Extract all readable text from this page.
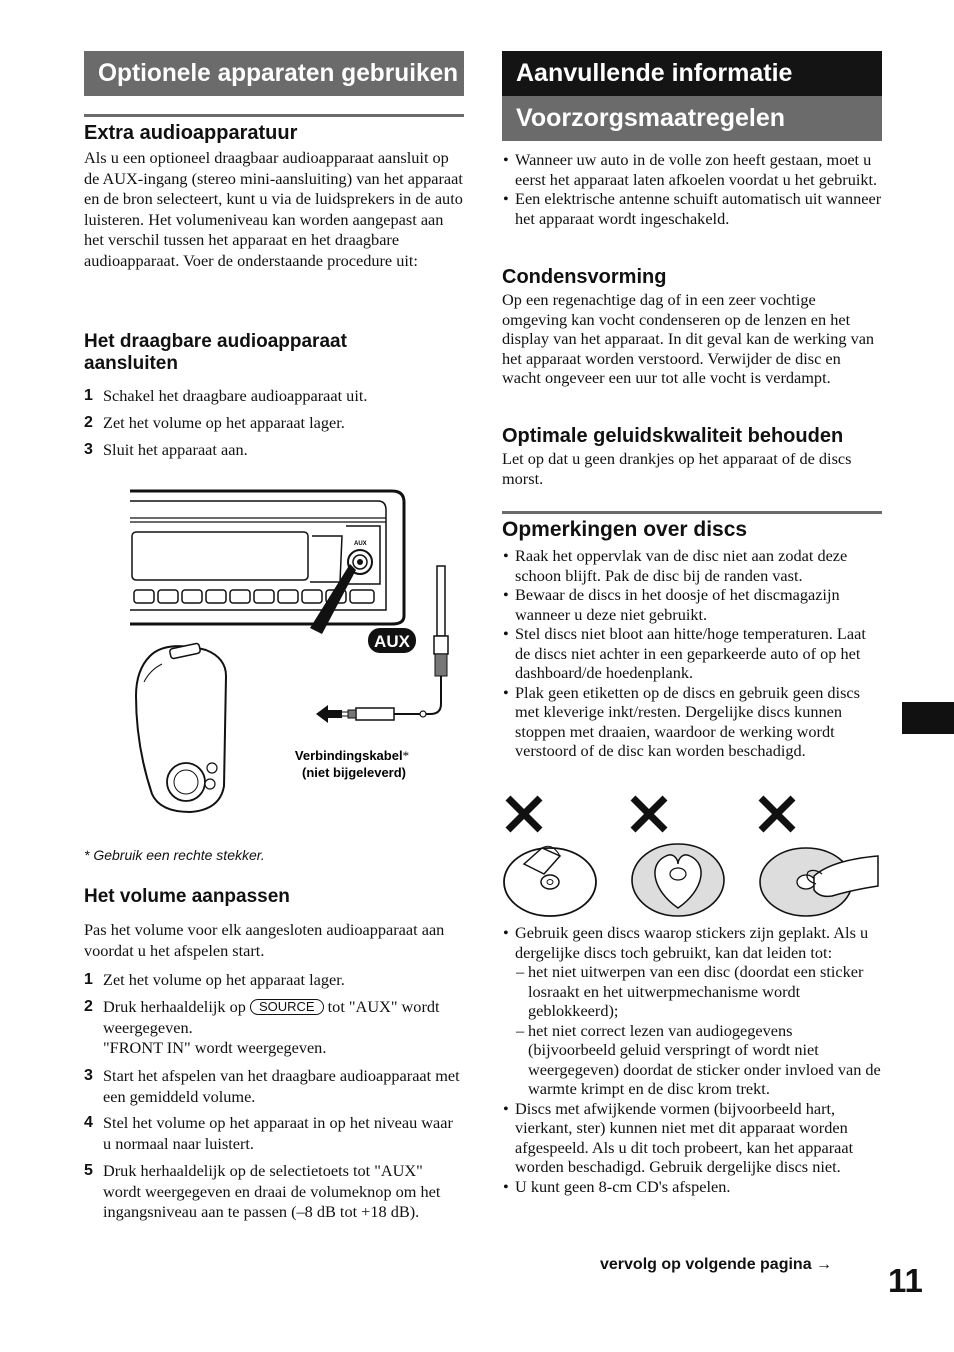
Optionele apparaten gebruiken
Extra audioapparatuur

Als u een optioneel draagbaar audioapparaat aansluit op de AUX-ingang (stereo mini-aansluiting) van het apparaat en de bron selecteert, kunt u via de luidsprekers in de auto luisteren. Het volumeniveau kan worden aangepast aan het verschil tussen het apparaat en het draagbare audioapparaat. Voer de onderstaande procedure uit:

Het draagbare audioapparaat aansluiten
1 Schakel het draagbare audioapparaat uit.
2 Zet het volume op het apparaat lager.
3 Sluit het apparaat aan.
AUX
AUX
Verbindingskabel*
(niet bijgeleverd)
* Gebruik een rechte stekker.
Het volume aanpassen

Pas het volume voor elk aangesloten audioapparaat aan voordat u het afspelen start.

1 Zet het volume op het apparaat lager.
2 Druk herhaaldelijk op SOURCE tot "AUX" wordt weergegeven.
"FRONT IN" wordt weergegeven.
3 Start het afspelen van het draagbare audioapparaat met een gemiddeld volume.
4 Stel het volume op het apparaat in op het niveau waar u normaal naar luistert.
5 Druk herhaaldelijk op de selectietoets tot "AUX" wordt weergegeven en draai de volumeknop om het ingangsniveau aan te passen (–8 dB tot +18 dB).
Aanvullende informatie
Voorzorgsmaatregelen
• Wanneer uw auto in de volle zon heeft gestaan, moet u eerst het apparaat laten afkoelen voordat u het gebruikt.
• Een elektrische antenne schuift automatisch uit wanneer het apparaat wordt ingeschakeld.
Condensvorming

Op een regenachtige dag of in een zeer vochtige omgeving kan vocht condenseren op de lenzen en het display van het apparaat. In dit geval kan de werking van het apparaat worden verstoord. Verwijder de disc en wacht ongeveer een uur tot alle vocht is verdampt.

Optimale geluidskwaliteit behouden

Let op dat u geen drankjes op het apparaat of de discs morst.

Opmerkingen over discs
• Raak het oppervlak van de disc niet aan zodat deze schoon blijft. Pak de disc bij de randen vast.
• Bewaar de discs in het doosje of het discmagazijn wanneer u deze niet gebruikt.
• Stel discs niet bloot aan hitte/hoge temperaturen. Laat de discs niet achter in een geparkeerde auto of op het dashboard/de hoedenplank.
• Plak geen etiketten op de discs en gebruik geen discs met kleverige inkt/resten. Dergelijke discs kunnen stoppen met draaien, waardoor de werking wordt verstoord of de disc kan worden beschadigd.
• Gebruik geen discs waarop stickers zijn geplakt. Als u dergelijke discs toch gebruikt, kan dat leiden tot:
– het niet uitwerpen van een disc (doordat een sticker losraakt en het uitwerpmechanisme wordt geblokkeerd);
– het niet correct lezen van audiogegevens (bijvoorbeeld geluid verspringt of wordt niet weergegeven) doordat de sticker onder invloed van de warmte krimpt en de disc krom trekt.
• Discs met afwijkende vormen (bijvoorbeeld hart, vierkant, ster) kunnen niet met dit apparaat worden afgespeeld. Als u dit toch probeert, kan het apparaat worden beschadigd. Gebruik dergelijke discs niet.
• U kunt geen 8-cm CD's afspelen.
vervolg op volgende pagina → 11
